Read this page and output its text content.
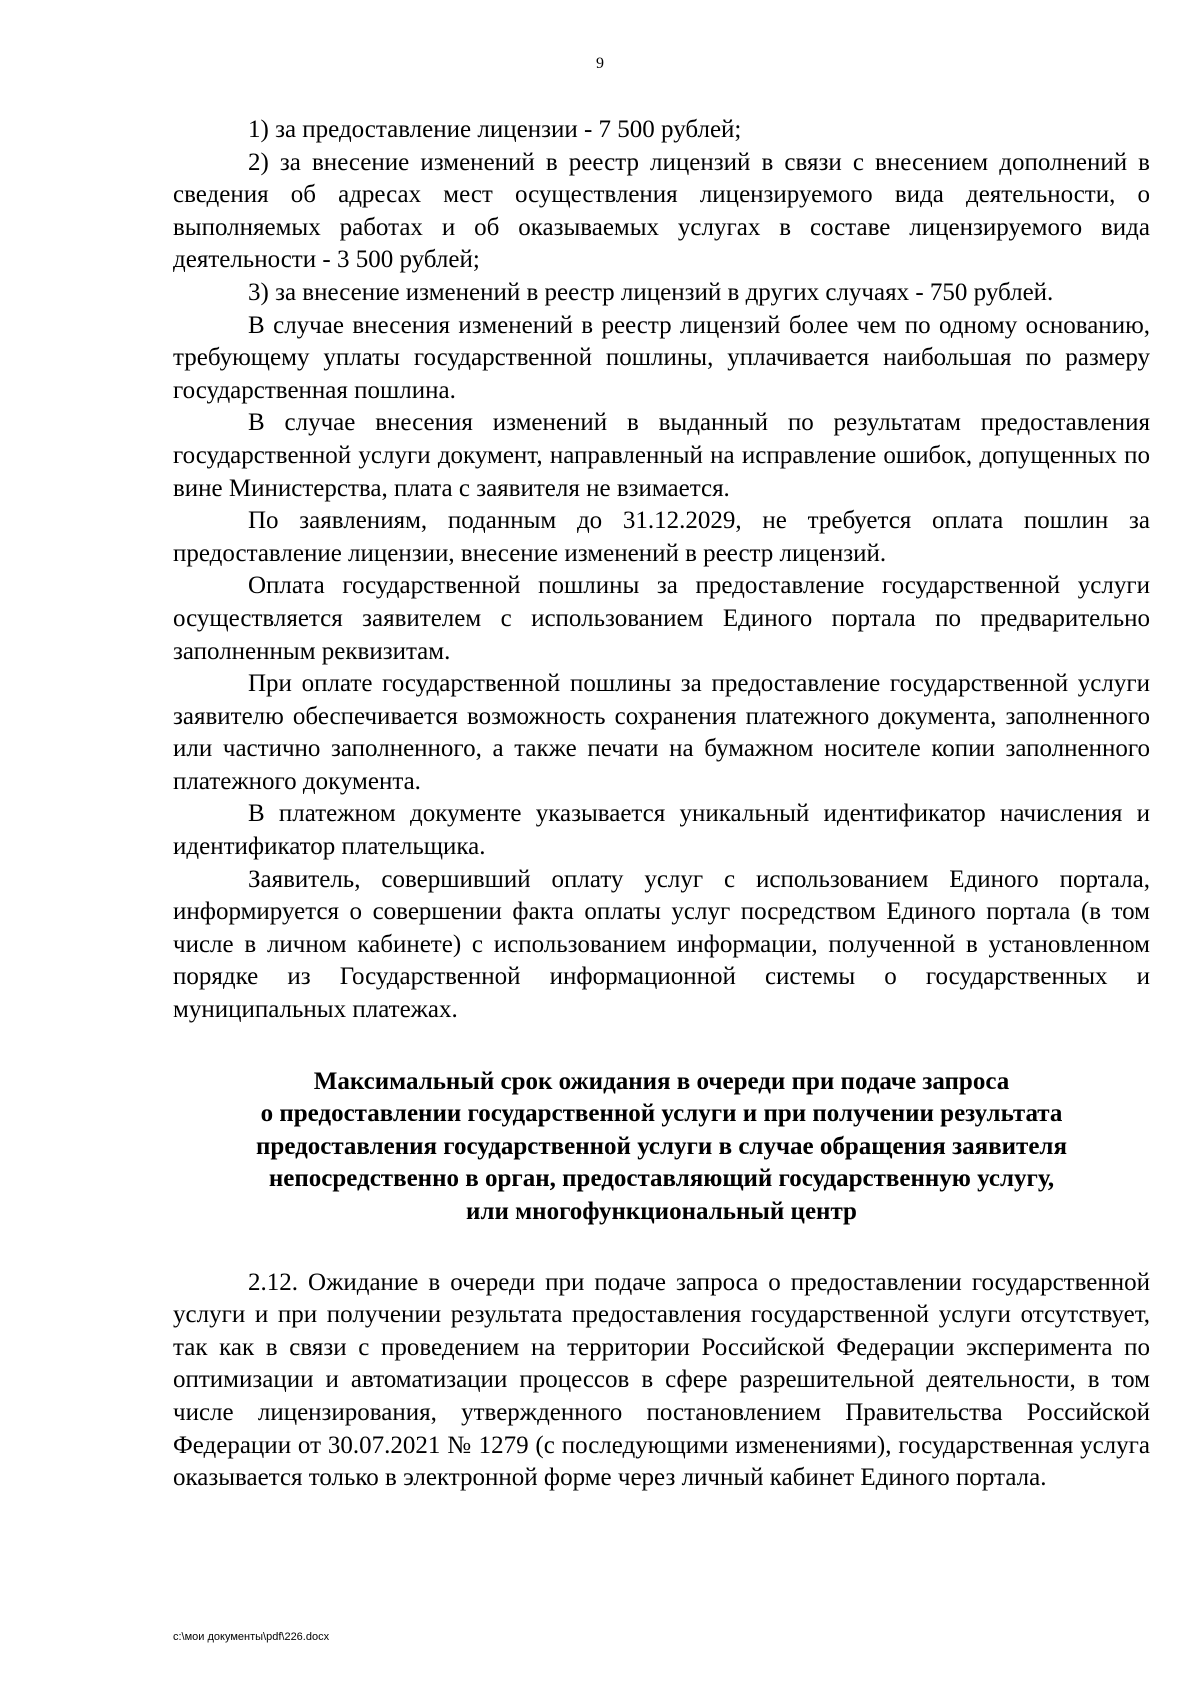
9

1) за предоставление лицензии - 7 500 рублей;

2) за внесение изменений в реестр лицензий в связи с внесением дополнений в сведения об адресах мест осуществления лицензируемого вида деятельности, о выполняемых работах и об оказываемых услугах в составе лицензируемого вида деятельности - 3 500 рублей;

3) за внесение изменений в реестр лицензий в других случаях - 750 рублей.

В случае внесения изменений в реестр лицензий более чем по одному основанию, требующему уплаты государственной пошлины, уплачивается наибольшая по размеру государственная пошлина.

В случае внесения изменений в выданный по результатам предоставления государственной услуги документ, направленный на исправление ошибок, допущенных по вине Министерства, плата с заявителя не взимается.

По заявлениям, поданным до 31.12.2029, не требуется оплата пошлин за предоставление лицензии, внесение изменений в реестр лицензий.

Оплата государственной пошлины за предоставление государственной услуги осуществляется заявителем с использованием Единого портала по предварительно заполненным реквизитам.

При оплате государственной пошлины за предоставление государственной услуги заявителю обеспечивается возможность сохранения платежного документа, заполненного или частично заполненного, а также печати на бумажном носителе копии заполненного платежного документа.

В платежном документе указывается уникальный идентификатор начисления и идентификатор плательщика.

Заявитель, совершивший оплату услуг с использованием Единого портала, информируется о совершении факта оплаты услуг посредством Единого портала (в том числе в личном кабинете) с использованием информации, полученной в установленном порядке из Государственной информационной системы о государственных и муниципальных платежах.

Максимальный срок ожидания в очереди при подаче запроса
о предоставлении государственной услуги и при получении результата
предоставления государственной услуги в случае обращения заявителя
непосредственно в орган, предоставляющий государственную услугу,
или многофункциональный центр

2.12. Ожидание в очереди при подаче запроса о предоставлении государственной услуги и при получении результата предоставления государственной услуги отсутствует, так как в связи с проведением на территории Российской Федерации эксперимента по оптимизации и автоматизации процессов в сфере разрешительной деятельности, в том числе лицензирования, утвержденного постановлением Правительства Российской Федерации от 30.07.2021 № 1279 (с последующими изменениями), государственная услуга оказывается только в электронной форме через личный кабинет Единого портала.

c:\мои документы\pdf\226.docx
